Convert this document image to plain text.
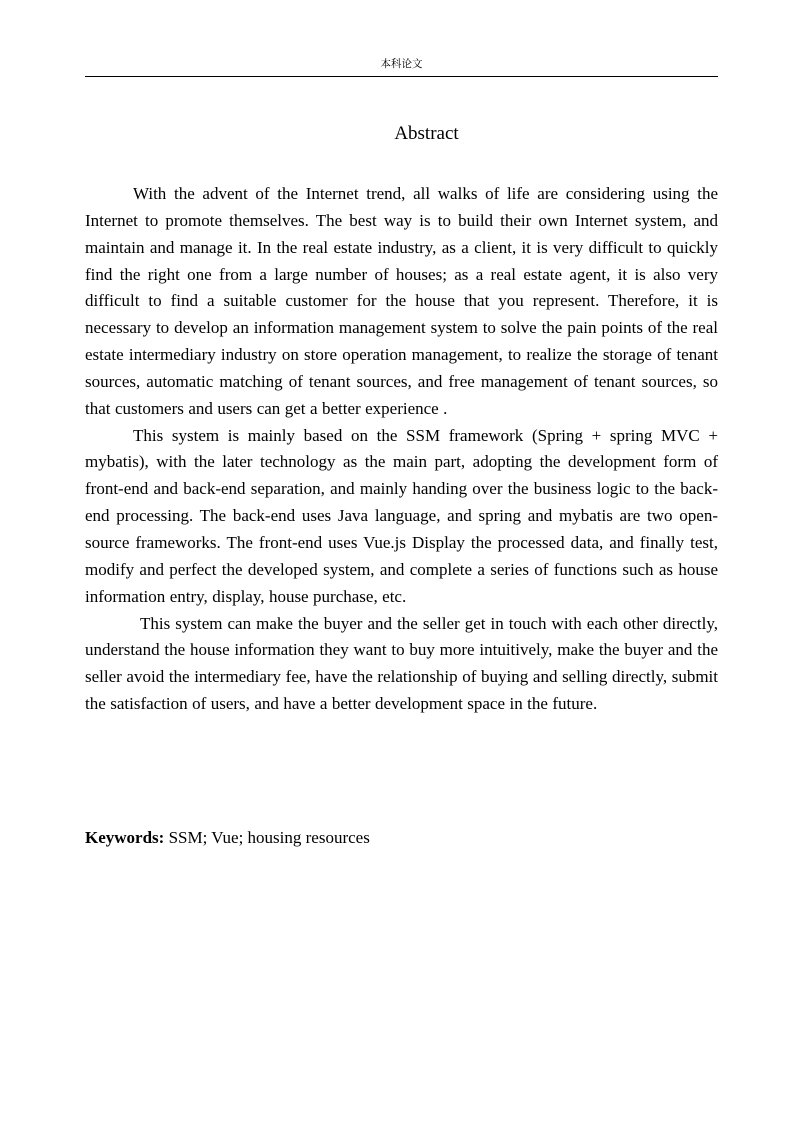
本科论文
Abstract

With the advent of the Internet trend, all walks of life are considering using the Internet to promote themselves. The best way is to build their own Internet system, and maintain and manage it. In the real estate industry, as a client, it is very difficult to quickly find the right one from a large number of houses; as a real estate agent, it is also very difficult to find a suitable customer for the house that you represent. Therefore, it is necessary to develop an information management system to solve the pain points of the real estate intermediary industry on store operation management, to realize the storage of tenant sources, automatic matching of tenant sources, and free management of tenant sources, so that customers and users can get a better experience .

This system is mainly based on the SSM framework (Spring + spring MVC + mybatis), with the later technology as the main part, adopting the development form of front-end and back-end separation, and mainly handing over the business logic to the back-end processing. The back-end uses Java language, and spring and mybatis are two open-source frameworks. The front-end uses Vue.js Display the processed data, and finally test, modify and perfect the developed system, and complete a series of functions such as house information entry, display, house purchase, etc.

This system can make the buyer and the seller get in touch with each other directly, understand the house information they want to buy more intuitively, make the buyer and the seller avoid the intermediary fee, have the relationship of buying and selling directly, submit the satisfaction of users, and have a better development space in the future.

Keywords: SSM; Vue; housing resources
